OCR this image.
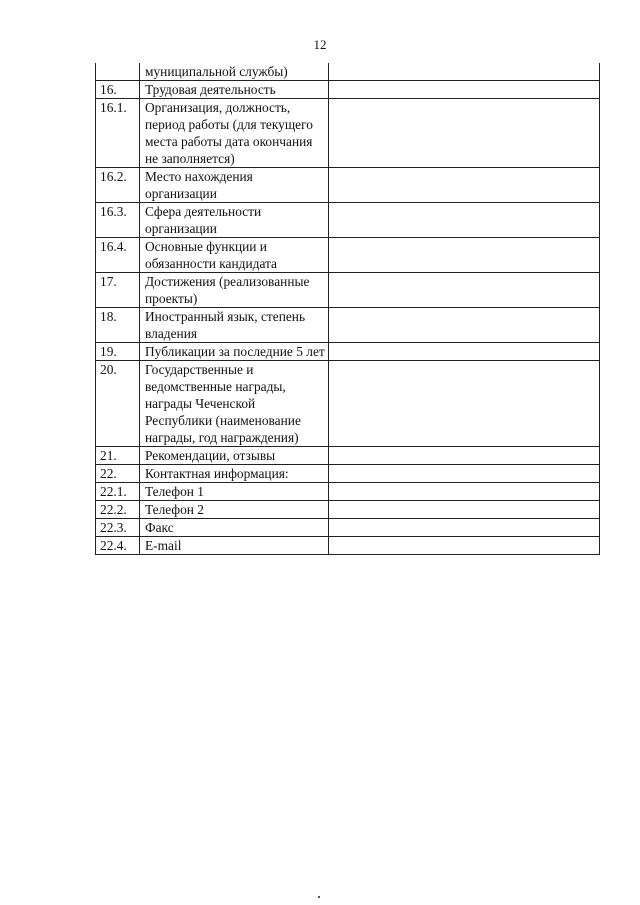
12
	муниципальной службы)	
16.	Трудовая деятельность	
16.1.	Организация, должность, период работы (для текущего места работы дата окончания не заполняется)	
16.2.	Место нахождения организации	
16.3.	Сфера деятельности организации	
16.4.	Основные функции и обязанности кандидата	
17.	Достижения (реализованные проекты)	
18.	Иностранный язык, степень владения	
19.	Публикации за последние 5 лет	
20.	Государственные и ведомственные награды, награды Чеченской Республики (наименование награды, год награждения)	
21.	Рекомендации, отзывы	
22.	Контактная информация:	
22.1.	Телефон 1	
22.2.	Телефон 2	
22.3.	Факс	
22.4.	E-mail	
